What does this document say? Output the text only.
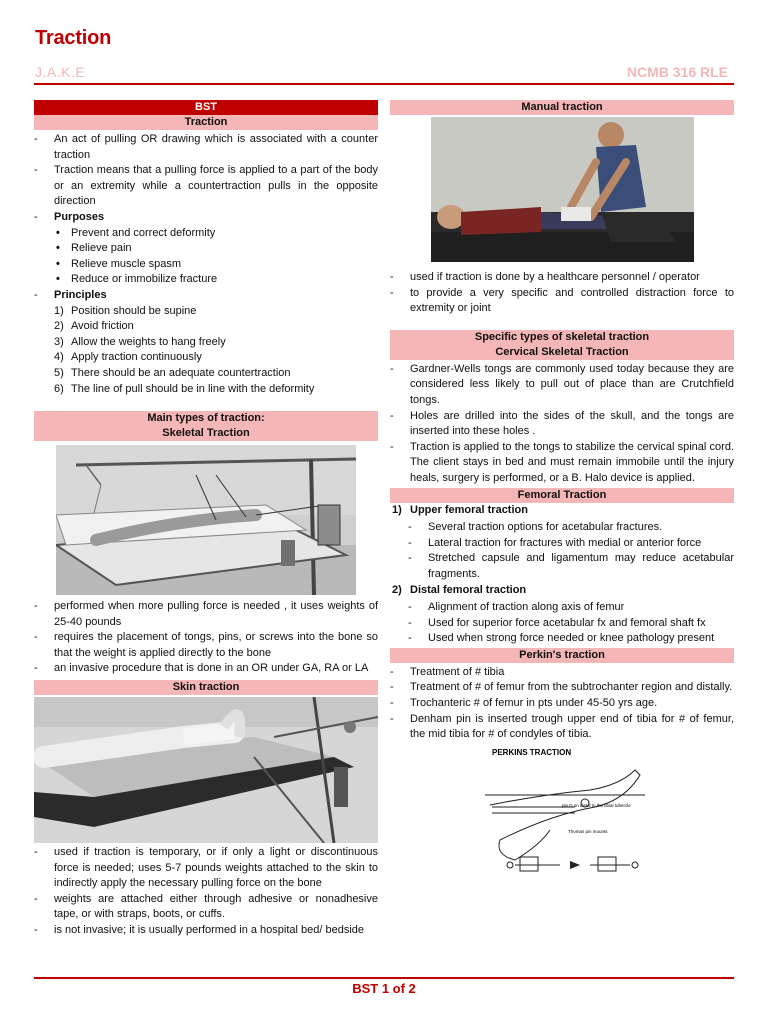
Traction
J.A.K.E	NCMB 316 RLE
BST
Traction
- An act of pulling OR drawing which is associated with a counter traction
- Traction means that a pulling force is applied to a part of the body or an extremity while a countertraction pulls in the opposite direction
- Purposes
• Prevent and correct deformity
• Relieve pain
• Relieve muscle spasm
• Reduce or immobilize fracture
- Principles
1) Position should be supine
2) Avoid friction
3) Allow the weights to hang freely
4) Apply traction continuously
5) There should be an adequate countertraction
6) The line of pull should be in line with the deformity
Main types of traction:
Skeletal Traction
- performed when more pulling force is needed , it uses weights of 25-40 pounds
- requires the placement of tongs, pins, or screws into the bone so that the weight is applied directly to the bone
- an invasive procedure that is done in an OR under GA, RA or LA
Skin traction
- used if traction is temporary, or if only a light or discontinuous force is needed; uses 5-7 pounds weights attached to the skin to indirectly apply the necessary pulling force on the bone
- weights are attached either through adhesive or nonadhesive tape, or with straps, boots, or cuffs.
- is not invasive; it is usually performed in a hospital bed/ bedside
Manual traction
- used if traction is done by a healthcare personnel / operator
- to provide a very specific and controlled distraction force to extremity or joint
Specific types of skeletal traction
Cervical Skeletal Traction
- Gardner-Wells tongs are commonly used today because they are considered less likely to pull out of place than are Crutchfield tongs.
- Holes are drilled into the sides of the skull, and the tongs are inserted into these holes .
- Traction is applied to the tongs to stabilize the cervical spinal cord. The client stays in bed and must remain immobile until the injury heals, surgery is performed, or a B. Halo device is applied.
Femoral Traction
1) Upper femoral traction
- Several traction options for acetabular fractures.
- Lateral traction for fractures with medial or anterior force
- Stretched capsule and ligamentum may reduce acetabular fragments.
2) Distal femoral traction
- Alignment of traction along axis of femur
- Used for superior force acetabular fx and femoral shaft fx
- Used when strong force needed or knee pathology present
Perkin's traction
- Treatment of # tibia
- Treatment of # of femur from the subtrochanter region and distally.
- Trochanteric # of femur in pts under 45-50 yrs age.
- Denham pin is inserted trough upper end of tibia for # of femur, the mid tibia for # of condyles of tibia.
PERKINS TRACTION
pin D on distal to the tibial tubercle
Thomas pin mounts
BST 1 of 2
